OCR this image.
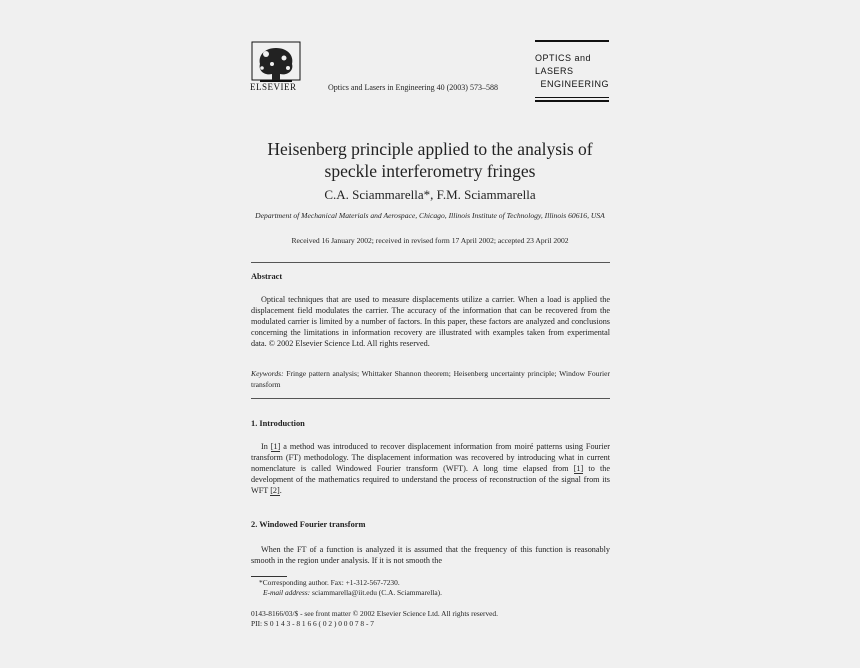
ELSEVIER	Optics and Lasers in Engineering 40 (2003) 573–588
OPTICS and LASERS
ENGINEERING
Heisenberg principle applied to the analysis of speckle interferometry fringes
C.A. Sciammarella*, F.M. Sciammarella
Department of Mechanical Materials and Aerospace, Chicago, Illinois Institute of Technology, Illinois 60616, USA
Received 16 January 2002; received in revised form 17 April 2002; accepted 23 April 2002
Abstract
Optical techniques that are used to measure displacements utilize a carrier. When a load is applied the displacement field modulates the carrier. The accuracy of the information that can be recovered from the modulated carrier is limited by a number of factors. In this paper, these factors are analyzed and conclusions concerning the limitations in information recovery are illustrated with examples taken from experimental data. © 2002 Elsevier Science Ltd. All rights reserved.
Keywords: Fringe pattern analysis; Whittaker Shannon theorem; Heisenberg uncertainty principle; Window Fourier transform
1. Introduction
In [1] a method was introduced to recover displacement information from moiré patterns using Fourier transform (FT) methodology. The displacement information was recovered by introducing what in current nomenclature is called Windowed Fourier transform (WFT). A long time elapsed from [1] to the development of the mathematics required to understand the process of reconstruction of the signal from its WFT [2].
2. Windowed Fourier transform
When the FT of a function is analyzed it is assumed that the frequency of this function is reasonably smooth in the region under analysis. If it is not smooth the
*Corresponding author. Fax: +1-312-567-7230.
E-mail address: sciammarella@iit.edu (C.A. Sciammarella).
0143-8166/03/$ - see front matter © 2002 Elsevier Science Ltd. All rights reserved.
PII: S 0 1 4 3 - 8 1 6 6 ( 0 2 ) 0 0 0 7 8 - 7
